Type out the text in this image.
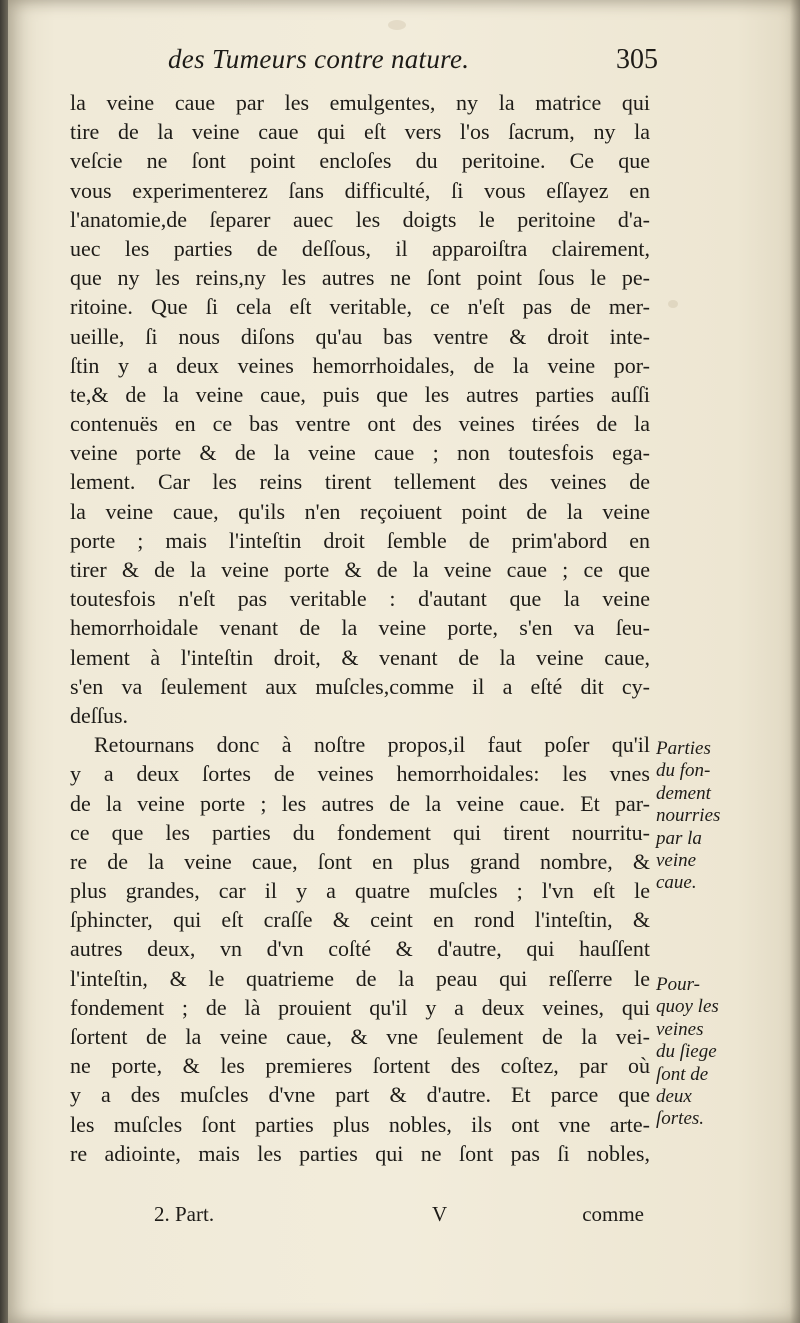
des Tumeurs contre nature.	305
la veine caue par les emulgentes, ny la matrice qui
tire de la veine caue qui eſt vers l'os ſacrum, ny la
veſcie ne ſont point encloſes du peritoine. Ce que
vous experimenterez ſans difficulté, ſi vous eſſayez en
l'anatomie,de ſeparer auec les doigts le peritoine d'a-
uec les parties de deſſous, il apparoiſtra clairement,
que ny les reins,ny les autres ne ſont point ſous le pe-
ritoine. Que ſi cela eſt veritable, ce n'eſt pas de mer-
ueille, ſi nous diſons qu'au bas ventre & droit inte-
ſtin y a deux veines hemorrhoidales, de la veine por-
te,& de la veine caue, puis que les autres parties auſſi
contenuës en ce bas ventre ont des veines tirées de la
veine porte & de la veine caue ; non toutesfois ega-
lement. Car les reins tirent tellement des veines de
la veine caue, qu'ils n'en reçoiuent point de la veine
porte ; mais l'inteſtin droit ſemble de prim'abord en
tirer & de la veine porte & de la veine caue ; ce que
toutesfois n'eſt pas veritable : d'autant que la veine
hemorrhoidale venant de la veine porte, s'en va ſeu-
lement à l'inteſtin droit, & venant de la veine caue,
s'en va ſeulement aux muſcles,comme il a eſté dit cy-
deſſus.
Retournans donc à noſtre propos,il faut poſer qu'il
y a deux ſortes de veines hemorrhoidales: les vnes
de la veine porte ; les autres de la veine caue. Et par-
ce que les parties du fondement qui tirent nourritu-
re de la veine caue, ſont en plus grand nombre, &
plus grandes, car il y a quatre muſcles ; l'vn eſt le
ſphincter, qui eſt craſſe & ceint en rond l'inteſtin, &
autres deux, vn d'vn coſté & d'autre, qui hauſſent
l'inteſtin, & le quatrieme de la peau qui reſſerre le
fondement ; de là prouient qu'il y a deux veines, qui
ſortent de la veine caue, & vne ſeulement de la vei-
ne porte, & les premieres ſortent des coſtez, par où
y a des muſcles d'vne part & d'autre. Et parce que
les muſcles ſont parties plus nobles, ils ont vne arte-
re adiointe, mais les parties qui ne ſont pas ſi nobles,
Parties
du fon-
dement
nourries
par la
veine
caue.
Pour-
quoy les
veines
du ſiege
ſont de
deux
ſortes.
2. Part.	V	comme
